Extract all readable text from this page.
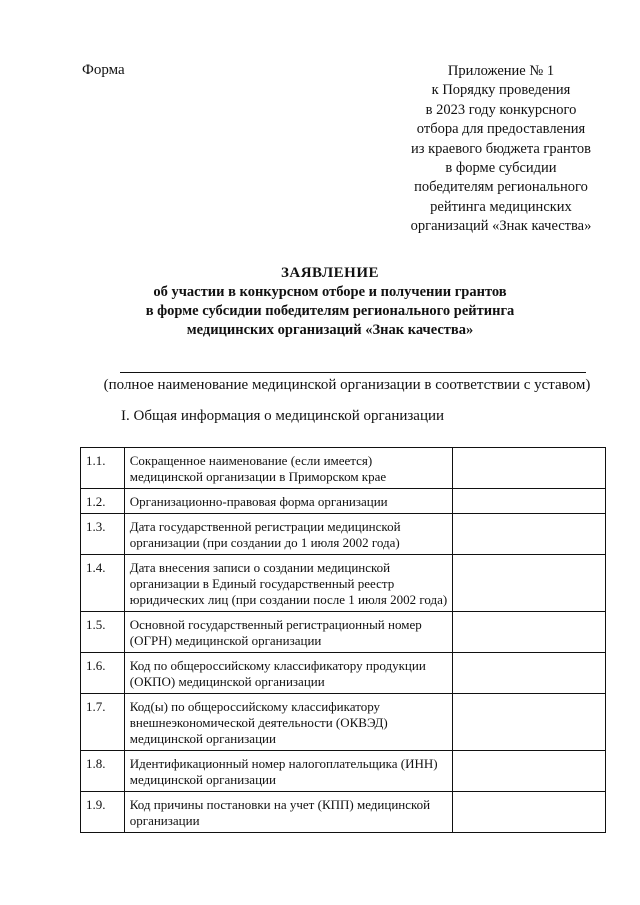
Форма	Приложение № 1
к Порядку проведения
в 2023 году конкурсного
отбора для предоставления
из краевого бюджета грантов
в форме субсидии
победителям регионального
рейтинга медицинских
организаций «Знак качества»
ЗАЯВЛЕНИЕ
об участии в конкурсном отборе и получении грантов
в форме субсидии победителям регионального рейтинга
медицинских организаций «Знак качества»
(полное наименование медицинской организации в соответствии с уставом)
I. Общая информация о медицинской организации
1.1.	Сокращенное наименование (если имеется) медицинской организации в Приморском крае	
1.2.	Организационно-правовая форма организации	
1.3.	Дата государственной регистрации медицинской организации (при создании до 1 июля 2002 года)	
1.4.	Дата внесения записи о создании медицинской организации в Единый государственный реестр юридических лиц (при создании после 1 июля 2002 года)	
1.5.	Основной государственный регистрационный номер (ОГРН) медицинской организации	
1.6.	Код по общероссийскому классификатору продукции (ОКПО) медицинской организации	
1.7.	Код(ы) по общероссийскому классификатору внешнеэкономической деятельности (ОКВЭД) медицинской организации	
1.8.	Идентификационный номер налогоплательщика (ИНН) медицинской организации	
1.9.	Код причины постановки на учет (КПП) медицинской организации	
